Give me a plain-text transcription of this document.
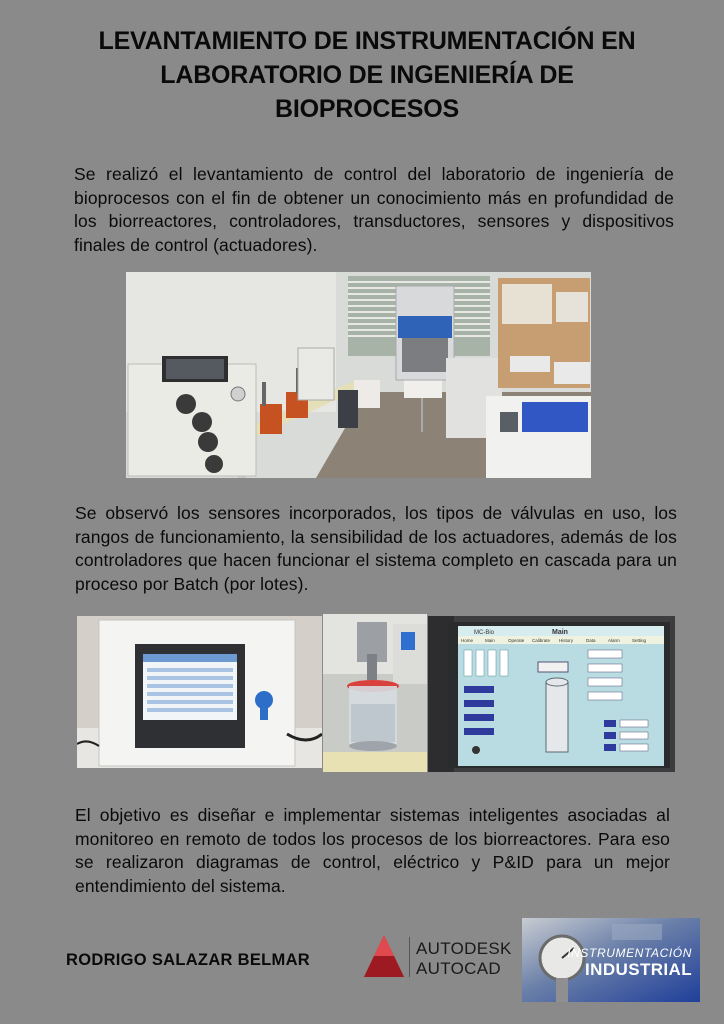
LEVANTAMIENTO DE INSTRUMENTACIÓN EN
LABORATORIO DE INGENIERÍA DE
BIOPROCESOS

Se realizó el levantamiento de control del laboratorio de ingeniería de bioprocesos con el fin de obtener un conocimiento más en profundidad de los biorreactores, controladores, transductores, sensores y dispositivos finales de control (actuadores).

Se observó los sensores incorporados, los tipos de válvulas en uso, los rangos de funcionamiento, la sensibilidad de los actuadores, además de los controladores que hacen funcionar el sistema completo en cascada para un proceso por Batch (por lotes).

MC-Bio	Main
Home	Main	Operate Calibrate History	Data	Alarm	Setting

El objetivo es diseñar e implementar sistemas inteligentes asociadas al monitoreo en remoto de todos los procesos de los biorreactores. Para eso se realizaron diagramas de control, eléctrico y P&ID para un mejor entendimiento del sistema.

RODRIGO SALAZAR BELMAR
AUTODESK
AUTOCAD
INSTRUMENTACIÓN
INDUSTRIAL
